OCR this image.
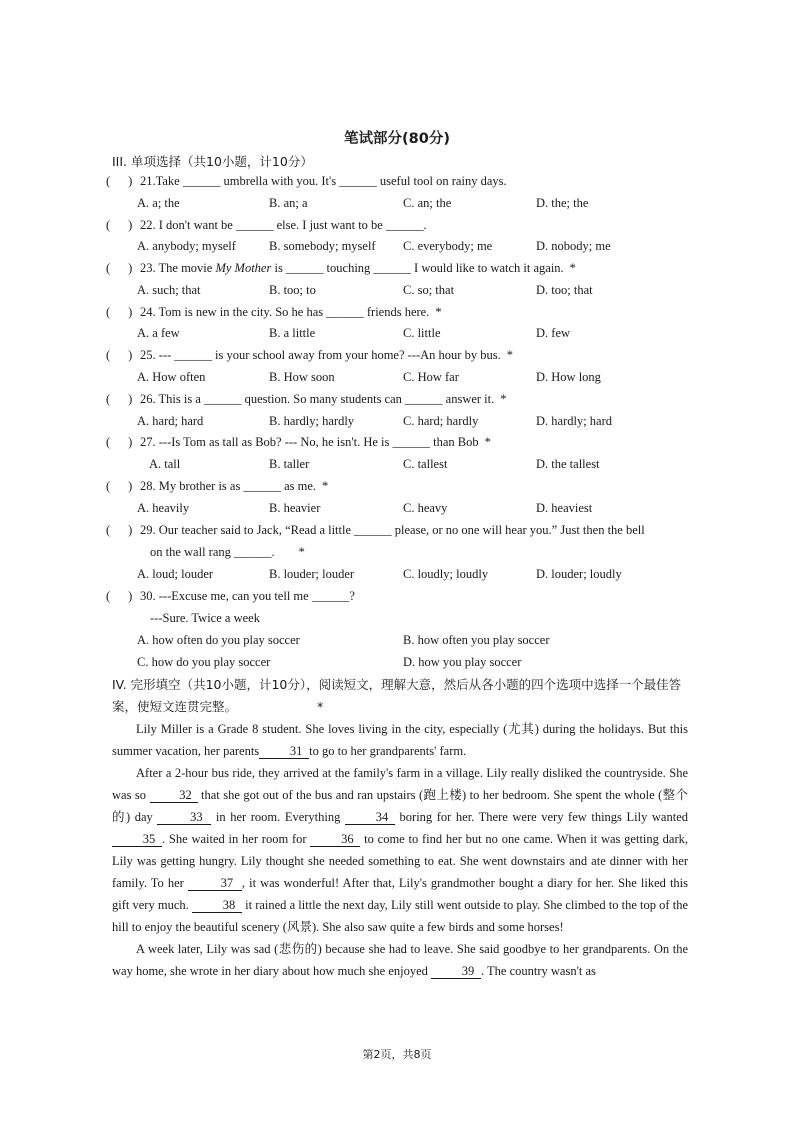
笔试部分(80分)
III. 单项选择（共10小题，计10分）
( ) 21.Take ______ umbrella with you. It's ______ useful tool on rainy days.
A. a; the	B. an; a	C. an; the	D. the; the
( ) 22. I don't want be ______ else. I just want to be ______.
A. anybody; myself	B. somebody; myself C. everybody; me	D. nobody; me
( ) 23. The movie My Mother is ______ touching ______ I would like to watch it again. *
A. such; that	B. too; to	C. so; that	D. too; that
( ) 24. Tom is new in the city. So he has ______ friends here. *
A. a few	B. a little	C. little	D. few
( ) 25. --- ______ is your school away from your home? ---An hour by bus. *
A. How often	B. How soon	C. How far	D. How long
( ) 26. This is a ______ question. So many students can ______ answer it. *
A. hard; hard	B. hardly; hardly	C. hard; hardly	D. hardly; hard
( ) 27. ---Is Tom as tall as Bob? --- No, he isn't. He is ______ than Bob *
A. tall	B. taller	C. tallest	D. the tallest
( ) 28. My brother is as ______ as me. *
A. heavily	B. heavier	C. heavy	D. heaviest
( ) 29. Our teacher said to Jack, “Read a little ______ please, or no one will hear you.” Just then the bell
on the wall rang ______. *
A. loud; louder	B. louder; louder	C. loudly; loudly	D. louder; loudly
( ) 30. ---Excuse me, can you tell me ______?
---Sure. Twice a week
A. how often do you play soccer	B. how often you play soccer
C. how do you play soccer	D. how you play soccer
IV. 完形填空（共10小题，计10分），阅读短文，理解大意，然后从各小题的四个选项中选择一个最佳答案，使短文连贯完整。	*

Lily Miller is a Grade 8 student. She loves living in the city, especially (尤其) during the holidays. But this summer vacation, her parents 31 to go to her grandparents' farm.

After a 2-hour bus ride, they arrived at the family's farm in a village. Lily really disliked the countryside. She was so	32 that she got out of the bus and ran upstairs (跑上楼) to her bedroom. She spent the whole (整个的) day	33 in her room. Everything	34 boring for her. There were very few things Lily wanted 35 . She waited in her room for	36 to come to find her but no one came. When it was getting dark, Lily was getting hungry. Lily thought she needed something to eat. She went downstairs and ate dinner with her family. To her	37 , it was wonderful! After that, Lily's grandmother bought a diary for her. She liked this gift very much.	38 it rained a little the next day, Lily still went outside to play. She climbed to the top of the hill to enjoy the beautiful scenery (风景). She also saw quite a few birds and some horses!

A week later, Lily was sad (悲伤的) because she had to leave. She said goodbye to her grandparents. On the way home, she wrote in her diary about how much she enjoyed	39 . The country wasn't as

第2页，共8页
